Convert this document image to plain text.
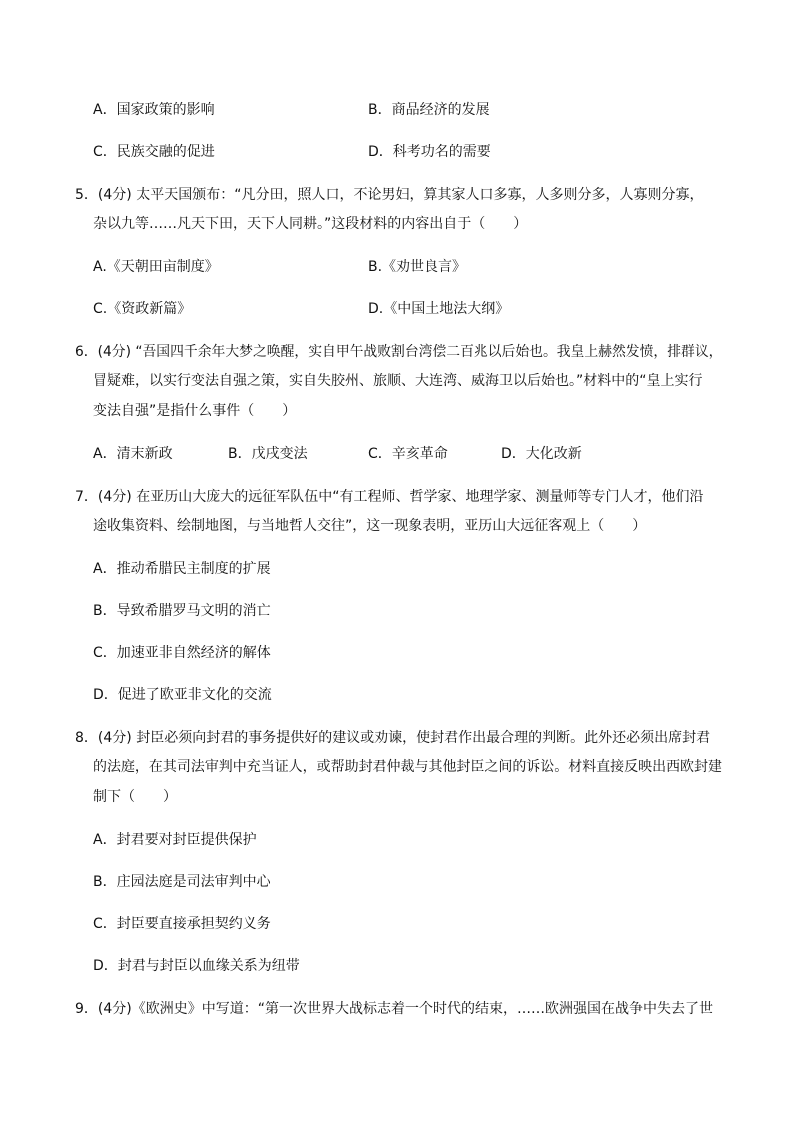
A．国家政策的影响	B．商品经济的发展
C．民族交融的促进	D．科考功名的需要
5．(4分) 太平天国颁布：“凡分田，照人口，不论男妇，算其家人口多寡，人多则分多，人寡则分寡，
杂以九等……凡天下田，天下人同耕。”这段材料的内容出自于（　　）
A.《天朝田亩制度》	B.《劝世良言》
C.《资政新篇》	D.《中国土地法大纲》
6．(4分) “吾国四千余年大梦之唤醒，实自甲午战败割台湾偿二百兆以后始也。我皇上赫然发愤，排群议，
冒疑难，以实行变法自强之策，实自失胶州、旅顺、大连湾、威海卫以后始也。”材料中的“皇上实行
变法自强”是指什么事件（　　）
A．清末新政	B．戊戌变法	C．辛亥革命	D．大化改新
7．(4分) 在亚历山大庞大的远征军队伍中“有工程师、哲学家、地理学家、测量师等专门人才，他们沿
途收集资料、绘制地图，与当地哲人交往”，这一现象表明，亚历山大远征客观上（　　）
A．推动希腊民主制度的扩展
B．导致希腊罗马文明的消亡
C．加速亚非自然经济的解体
D．促进了欧亚非文化的交流
8．(4分) 封臣必须向封君的事务提供好的建议或劝谏，使封君作出最合理的判断。此外还必须出席封君
的法庭，在其司法审判中充当证人，或帮助封君仲裁与其他封臣之间的诉讼。材料直接反映出西欧封建
制下（　　）
A．封君要对封臣提供保护
B．庄园法庭是司法审判中心
C．封臣要直接承担契约义务
D．封君与封臣以血缘关系为纽带
9．(4分)《欧洲史》中写道：“第一次世界大战标志着一个时代的结束，……欧洲强国在战争中失去了世
